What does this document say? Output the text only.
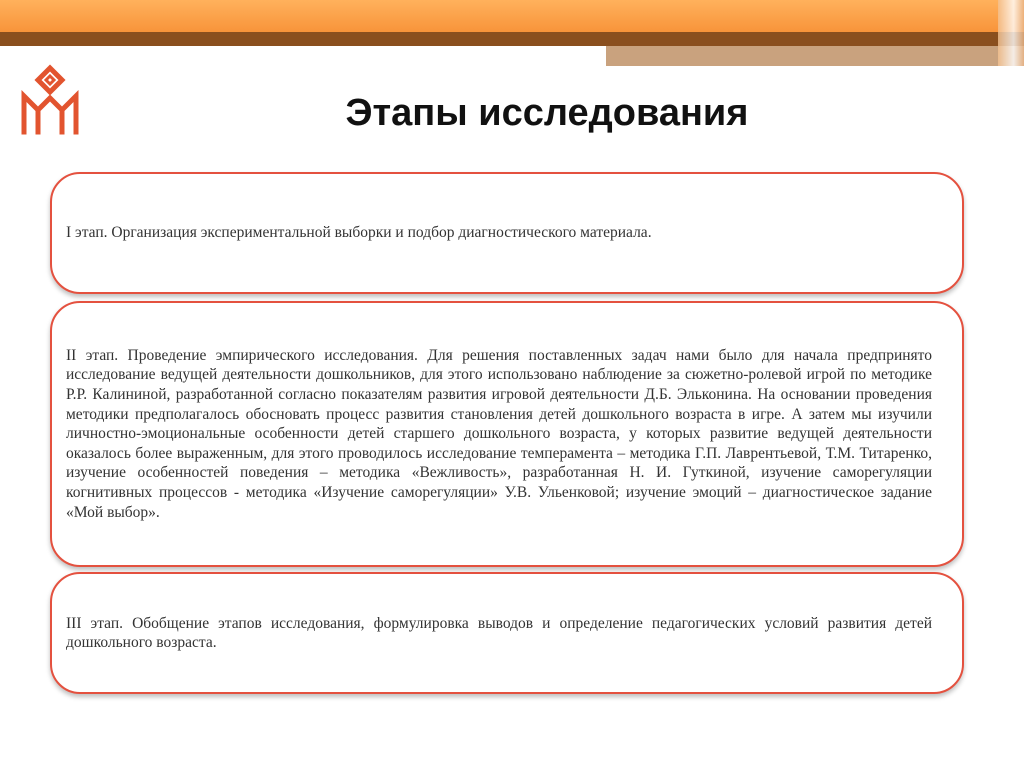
Этапы исследования

I этап. Организация экспериментальной выборки и подбор диагностического материала.

II этап. Проведение эмпирического исследования. Для решения поставленных задач нами было для начала предпринято исследование ведущей деятельности дошкольников, для этого использовано наблюдение за сюжетно-ролевой игрой по методике Р.Р. Калининой, разработанной согласно показателям развития игровой деятельности Д.Б. Эльконина. На основании проведения методики предполагалось обосновать процесс развития становления детей дошкольного возраста в игре. А затем мы изучили личностно-эмоциональные особенности детей старшего дошкольного возраста, у которых развитие ведущей деятельности оказалось более выраженным, для этого проводилось исследование темперамента – методика Г.П. Лаврентьевой, Т.М. Титаренко, изучение особенностей поведения – методика «Вежливость», разработанная Н. И. Гуткиной, изучение саморегуляции когнитивных процессов - методика «Изучение саморегуляции» У.В. Ульенковой; изучение эмоций – диагностическое задание «Мой выбор».

III этап. Обобщение этапов исследования, формулировка выводов и определение педагогических условий развития детей дошкольного возраста.
